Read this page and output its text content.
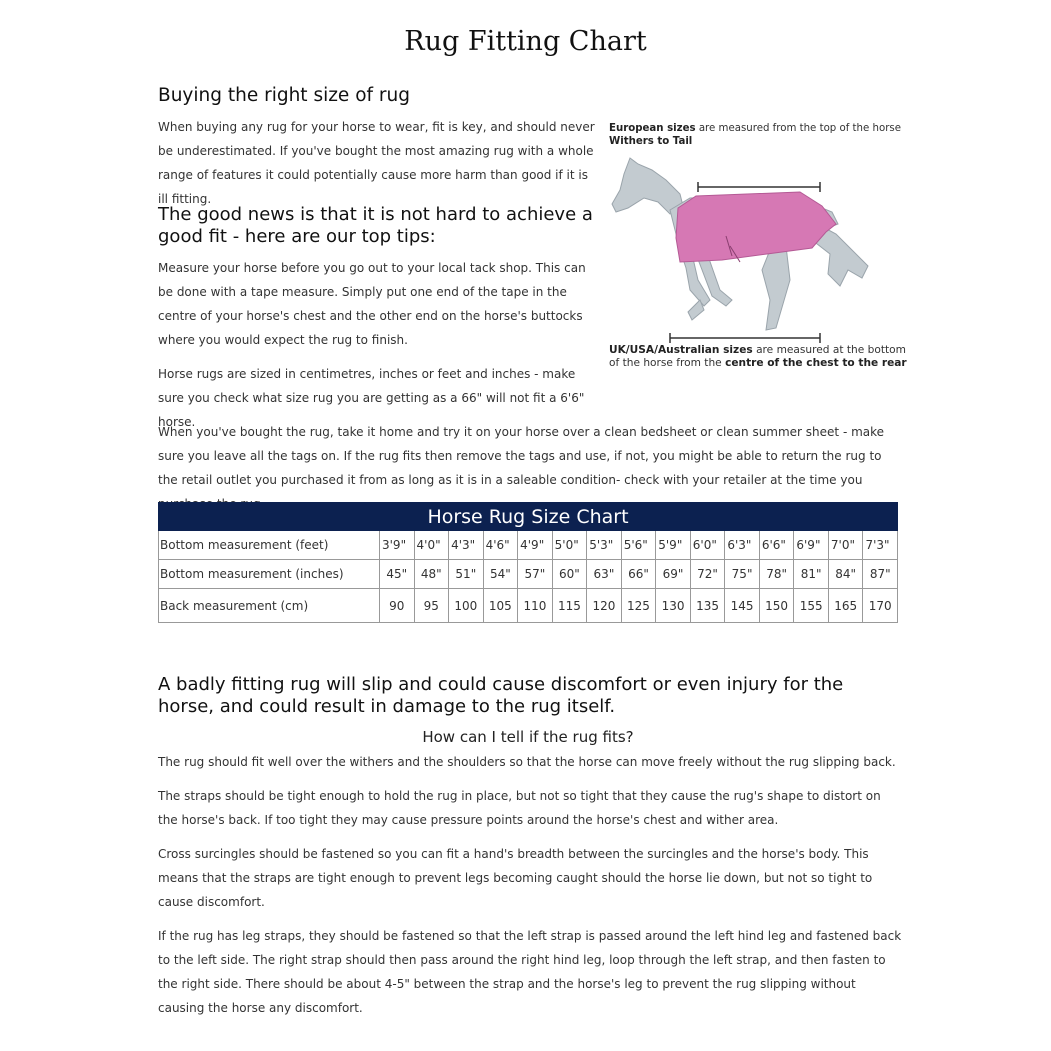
Rug Fitting Chart
Buying the right size of rug
When buying any rug for your horse to wear, fit is key, and should never be underestimated. If you've bought the most amazing rug with a whole range of features it could potentially cause more harm than good if it is ill fitting.
The good news is that it is not hard to achieve a good fit - here are our top tips:
Measure your horse before you go out to your local tack shop. This can be done with a tape measure. Simply put one end of the tape in the centre of your horse's chest and the other end on the horse's buttocks where you would expect the rug to finish.
Horse rugs are sized in centimetres, inches or feet and inches - make sure you check what size rug you are getting as a 66" will not fit a 6'6" horse.
European sizes are measured from the top of the horse
Withers to Tail
UK/USA/Australian sizes are measured at the bottom
of the horse from the centre of the chest to the rear
When you've bought the rug, take it home and try it on your horse over a clean bedsheet or clean summer sheet - make sure you leave all the tags on. If the rug fits then remove the tags and use, if not, you might be able to return the rug to the retail outlet you purchased it from as long as it is in a saleable condition- check with your retailer at the time you
Horse Rug Size Chart															
Bottom measurement (feet)	3'9"	4'0"	4'3"	4'6"	4'9"	5'0"	5'3"	5'6"	5'9"	6'0"	6'3"	6'6"	6'9"	7'0"	7'3"
Bottom measurement (inches)	45"	48"	51"	54"	57"	60"	63"	66"	69"	72"	75"	78"	81"	84"	87"
Back measurement (cm)	90	95	100	105	110	115	120	125	130	135	145	150	155	165	170
A badly fitting rug will slip and could cause discomfort or even injury for the horse, and could result in damage to the rug itself.
How can I tell if the rug fits?

The rug should fit well over the withers and the shoulders so that the horse can move freely without the rug slipping back.

The straps should be tight enough to hold the rug in place, but not so tight that they cause the rug's shape to distort on the horse's back. If too tight they may cause pressure points around the horse's chest and wither area.

Cross surcingles should be fastened so you can fit a hand's breadth between the surcingles and the horse's body. This means that the straps are tight enough to prevent legs becoming caught should the horse lie down, but not so tight to cause discomfort.

If the rug has leg straps, they should be fastened so that the left strap is passed around the left hind leg and fastened back to the left side. The right strap should then pass around the right hind leg, loop through the left strap, and then fasten to the right side. There should be about 4-5" between the strap and the horse's leg to prevent the rug slipping without causing the horse any discomfort.
